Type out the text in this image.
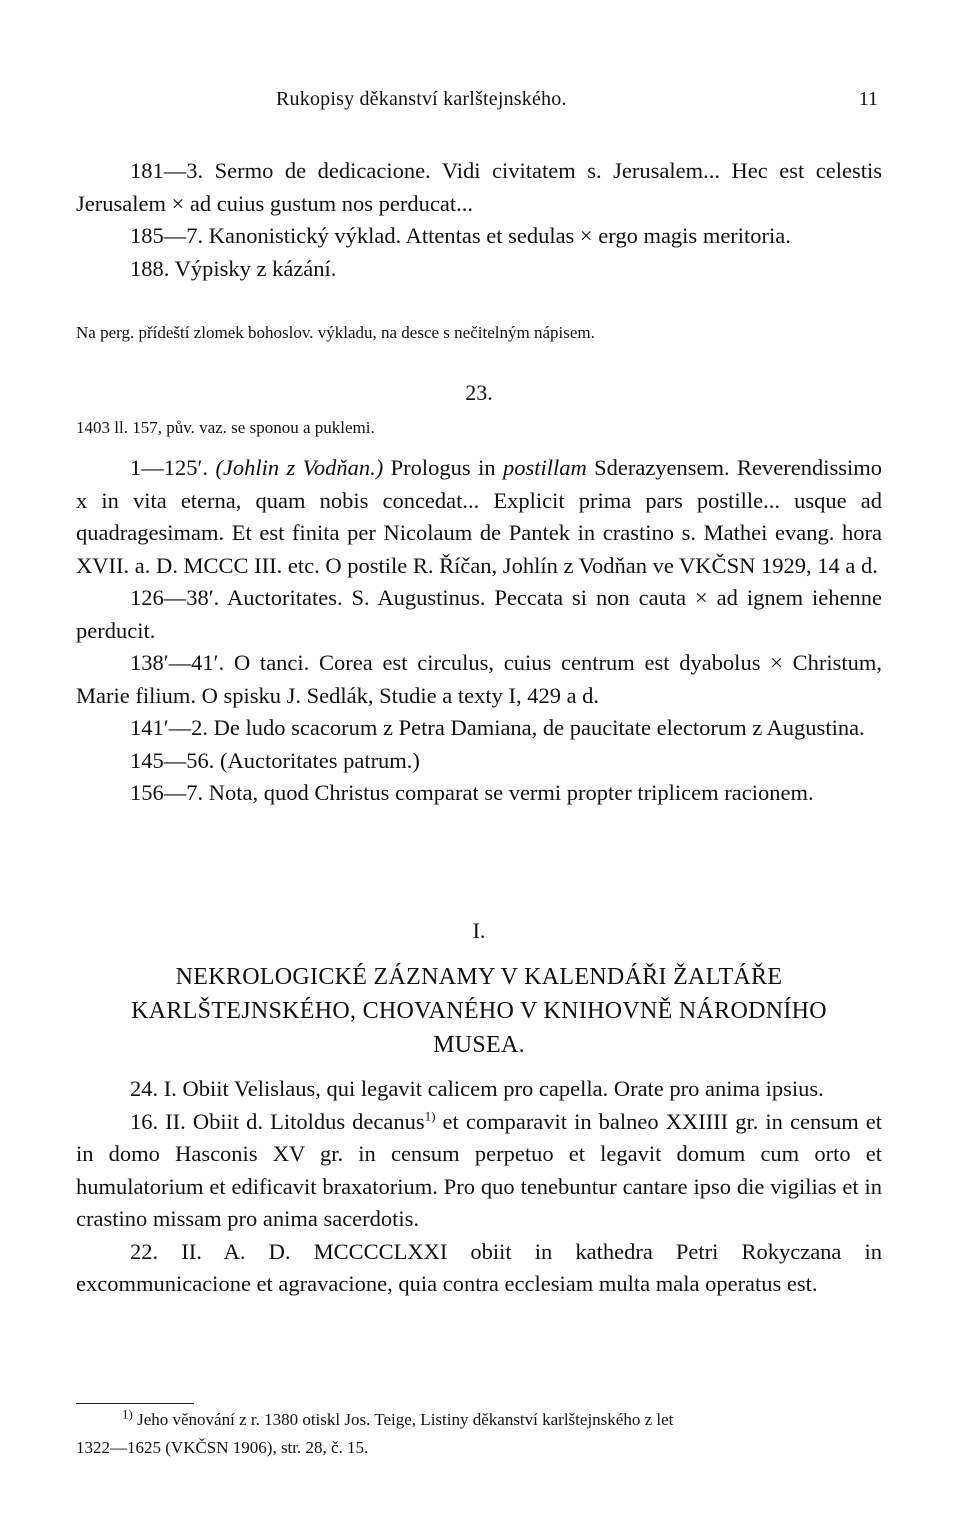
Rukopisy děkanství karlštejnského.	11

181—3. Sermo de dedicacione. Vidi civitatem s. Jerusalem... Hec est celestis Jerusalem × ad cuius gustum nos perducat...

185—7. Kanonistický výklad. Attentas et sedulas × ergo magis meritoria.

188. Výpisky z kázání.

Na perg. přídeští zlomek bohoslov. výkladu, na desce s nečitelným nápisem.

23.

1403 ll. 157, pův. vaz. se sponou a puklemi.

1—125′. (Johlin z Vodňan.) Prologus in postillam Sderazyensem. Reverendissimo x in vita eterna, quam nobis concedat... Explicit prima pars postille... usque ad quadragesimam. Et est finita per Nicolaum de Pantek in crastino s. Mathei evang. hora XVII. a. D. MCCC III. etc. O postile R. Říčan, Johlín z Vodňan ve VKČSN 1929, 14 a d.

126—38′. Auctoritates. S. Augustinus. Peccata si non cauta × ad ignem iehenne perducit.

138′—41′. O tanci. Corea est circulus, cuius centrum est dyabolus × Christum, Marie filium. O spisku J. Sedlák, Studie a texty I, 429 a d.

141′—2. De ludo scacorum z Petra Damiana, de paucitate electorum z Augustina.

145—56. (Auctoritates patrum.)

156—7. Nota, quod Christus comparat se vermi propter triplicem racionem.

I.

NEKROLOGICKÉ ZÁZNAMY V KALENDÁŘI ŽALTÁŘE
KARLŠTEJNSKÉHO, CHOVANÉHO V KNIHOVNĚ NÁRODNÍHO
MUSEA.

24. I. Obiit Velislaus, qui legavit calicem pro capella. Orate pro anima ipsius.

16. II. Obiit d. Litoldus decanus$^{1)}$ et comparavit in balneo XXIIII gr. in censum et in domo Hasconis XV gr. in censum perpetuo et legavit domum cum orto et humulatorium et edificavit braxatorium. Pro quo tenebuntur cantare ipso die vigilias et in crastino missam pro anima sacerdotis.

22. II. A. D. MCCCCLXXI obiit in kathedra Petri Rokyczana in excommunicacione et agravacione, quia contra ecclesiam multa mala operatus est.

$^{1)}$ Jeho věnování z r. 1380 otiskl Jos. Teige, Listiny děkanství karlštejnského z let

1322—1625 (VKČSN 1906), str. 28, č. 15.
